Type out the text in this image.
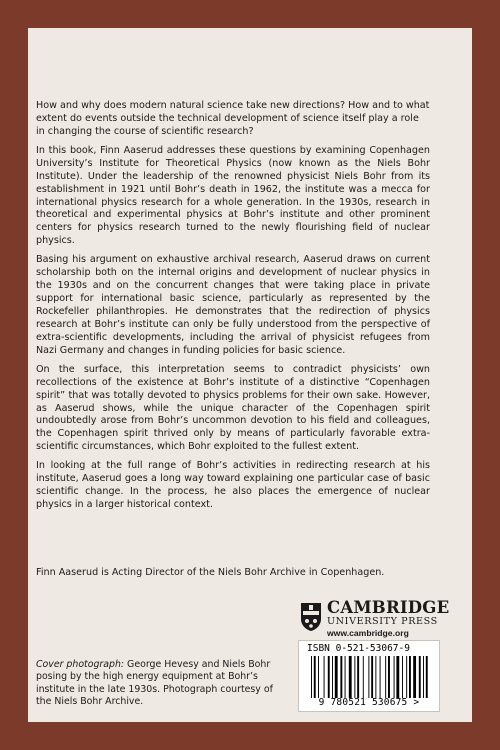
How and why does modern natural science take new directions? How and to what extent do events outside the technical development of science itself play a role in changing the course of scientific research?

In this book, Finn Aaserud addresses these questions by examining Copenhagen University’s Institute for Theoretical Physics (now known as the Niels Bohr Institute). Under the leadership of the renowned physicist Niels Bohr from its establishment in 1921 until Bohr’s death in 1962, the institute was a mecca for international physics research for a whole generation. In the 1930s, research in theoretical and experimental physics at Bohr’s institute and other prominent centers for physics research turned to the newly flourishing field of nuclear physics.

Basing his argument on exhaustive archival research, Aaserud draws on current scholarship both on the internal origins and development of nuclear physics in the 1930s and on the concurrent changes that were taking place in private support for international basic science, particularly as represented by the Rockefeller philanthropies. He demonstrates that the redirection of physics research at Bohr’s institute can only be fully understood from the perspective of extra-scientific developments, including the arrival of physicist refugees from Nazi Germany and changes in funding policies for basic science.

On the surface, this interpretation seems to contradict physicists’ own recollections of the existence at Bohr’s institute of a distinctive “Copenhagen spirit” that was totally devoted to physics problems for their own sake. However, as Aaserud shows, while the unique character of the Copenhagen spirit undoubtedly arose from Bohr’s uncommon devotion to his field and colleagues, the Copenhagen spirit thrived only by means of particularly favorable extra-scientific circumstances, which Bohr exploited to the fullest extent.

In looking at the full range of Bohr’s activities in redirecting research at his institute, Aaserud goes a long way toward explaining one particular case of basic scientific change. In the process, he also places the emergence of nuclear physics in a larger historical context.

Finn Aaserud is Acting Director of the Niels Bohr Archive in Copenhagen.
CAMBRIDGE
UNIVERSITY PRESS
www.cambridge.org
Cover photograph: George Hevesy and Niels Bohr posing by the high energy equipment at Bohr’s institute in the late 1930s. Photograph courtesy of the Niels Bohr Archive.
ISBN 0-521-53067-9
9 780521 530675 >
